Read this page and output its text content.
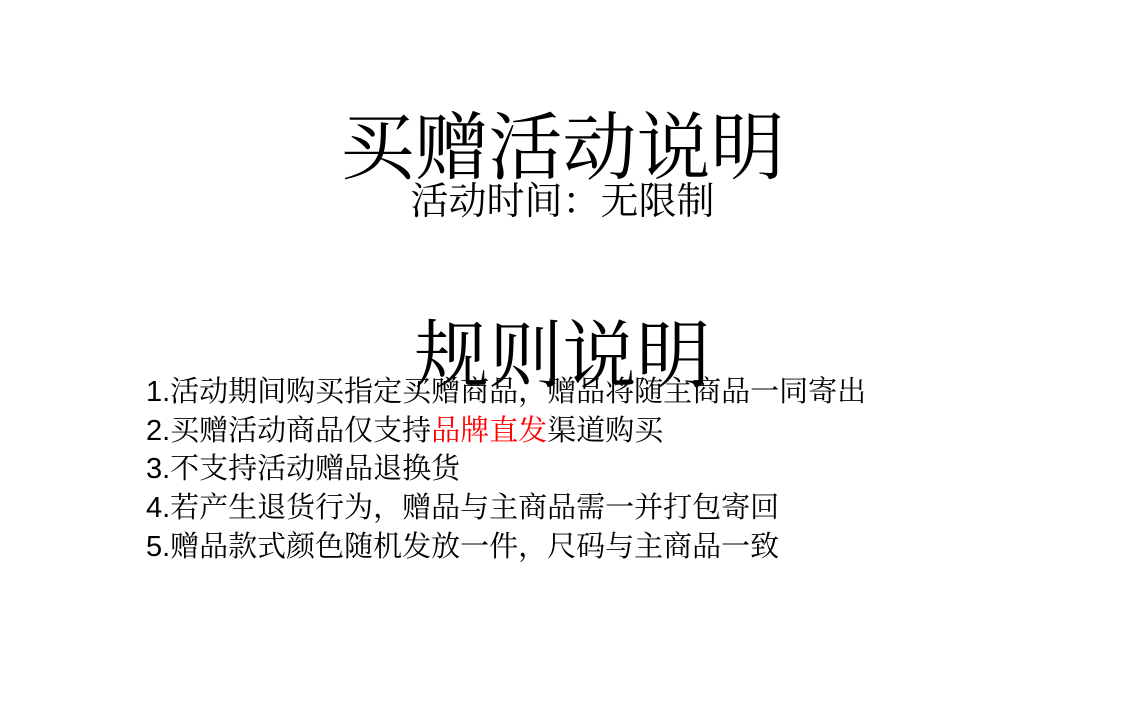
买赠活动说明
活动时间：无限制
规则说明
1.活动期间购买指定买赠商品，赠品将随主商品一同寄出
2.买赠活动商品仅支持品牌直发渠道购买
3.不支持活动赠品退换货
4.若产生退货行为，赠品与主商品需一并打包寄回
5.赠品款式颜色随机发放一件，尺码与主商品一致
